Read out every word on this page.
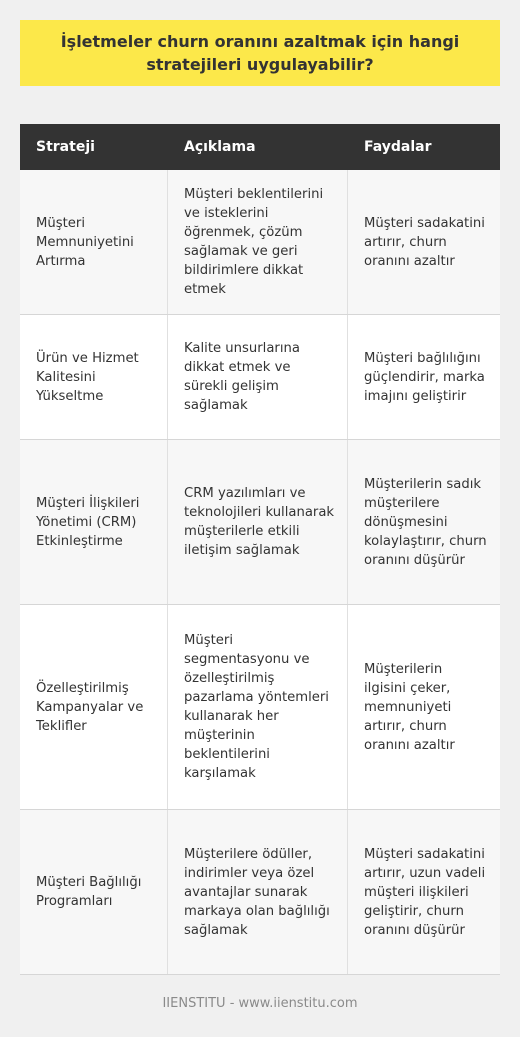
İşletmeler churn oranını azaltmak için hangi stratejileri uygulayabilir?
Strateji	Açıklama	Faydalar
Müşteri Memnuniyetini Artırma
Müşteri beklentilerini ve isteklerini öğrenmek, çözüm sağlamak ve geri bildirimlere dikkat etmek
Müşteri sadakatini artırır, churn oranını azaltır
Ürün ve Hizmet Kalitesini Yükseltme
Kalite unsurlarına dikkat etmek ve sürekli gelişim sağlamak
Müşteri bağlılığını güçlendirir, marka imajını geliştirir
Müşteri İlişkileri Yönetimi (CRM) Etkinleştirme
CRM yazılımları ve teknolojileri kullanarak müşterilerle etkili iletişim sağlamak
Müşterilerin sadık müşterilere dönüşmesini kolaylaştırır, churn oranını düşürür
Özelleştirilmiş Kampanyalar ve Teklifler
Müşteri segmentasyonu ve özelleştirilmiş pazarlama yöntemleri kullanarak her müşterinin beklentilerini karşılamak
Müşterilerin ilgisini çeker, memnuniyeti artırır, churn oranını azaltır
Müşteri Bağlılığı Programları
Müşterilere ödüller, indirimler veya özel avantajlar sunarak markaya olan bağlılığı sağlamak
Müşteri sadakatini artırır, uzun vadeli müşteri ilişkileri geliştirir, churn oranını düşürür
IIENSTITU - www.iienstitu.com
